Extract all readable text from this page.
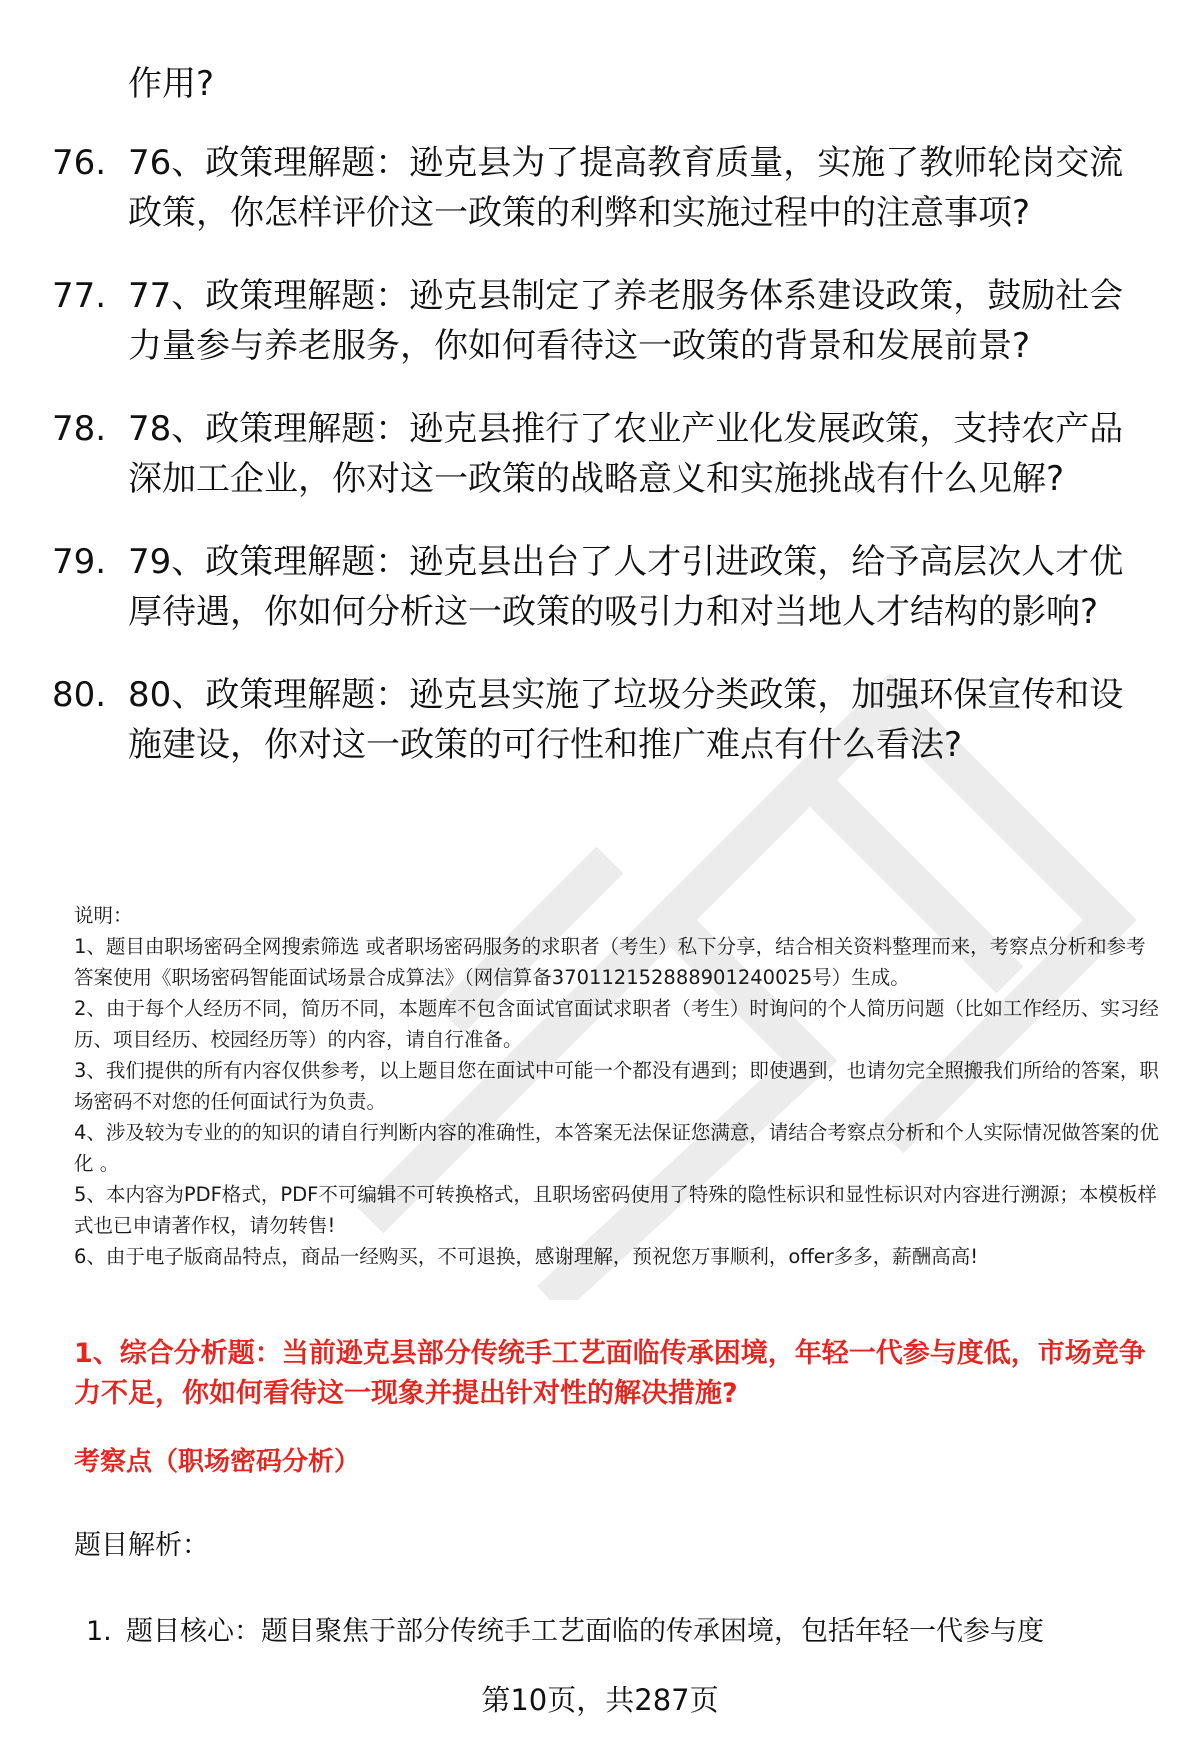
作用?

76. 76、政策理解题：逊克县为了提高教育质量，实施了教师轮岗交流政策，你怎样评价这一政策的利弊和实施过程中的注意事项?
77. 77、政策理解题：逊克县制定了养老服务体系建设政策，鼓励社会力量参与养老服务，你如何看待这一政策的背景和发展前景?
78. 78、政策理解题：逊克县推行了农业产业化发展政策，支持农产品深加工企业，你对这一政策的战略意义和实施挑战有什么见解?
79. 79、政策理解题：逊克县出台了人才引进政策，给予高层次人才优厚待遇，你如何分析这一政策的吸引力和对当地人才结构的影响?
80. 80、政策理解题：逊克县实施了垃圾分类政策，加强环保宣传和设施建设，你对这一政策的可行性和推广难点有什么看法?

说明：

1、题目由职场密码全网搜索筛选 或者职场密码服务的求职者（考生）私下分享，结合相关资料整理而来，考察点分析和参考答案使用《职场密码智能面试场景合成算法》（网信算备370112152888901240025号）生成。

2、由于每个人经历不同，简历不同，本题库不包含面试官面试求职者（考生）时询问的个人简历问题（比如工作经历、实习经历、项目经历、校园经历等）的内容，请自行准备。

3、我们提供的所有内容仅供参考，以上题目您在面试中可能一个都没有遇到；即使遇到，也请勿完全照搬我们所给的答案，职场密码不对您的任何面试行为负责。

4、涉及较为专业的的知识的请自行判断内容的准确性，本答案无法保证您满意，请结合考察点分析和个人实际情况做答案的优化 。

5、本内容为PDF格式，PDF不可编辑不可转换格式，且职场密码使用了特殊的隐性标识和显性标识对内容进行溯源；本模板样式也已申请著作权，请勿转售!

6、由于电子版商品特点，商品一经购买，不可退换，感谢理解，预祝您万事顺利，offer多多，薪酬高高!

1、综合分析题：当前逊克县部分传统手工艺面临传承困境，年轻一代参与度低，市场竞争力不足，你如何看待这一现象并提出针对性的解决措施?

考察点（职场密码分析）

题目解析：

1. 题目核心：题目聚焦于部分传统手工艺面临的传承困境，包括年轻一代参与度

第10页，共287页
